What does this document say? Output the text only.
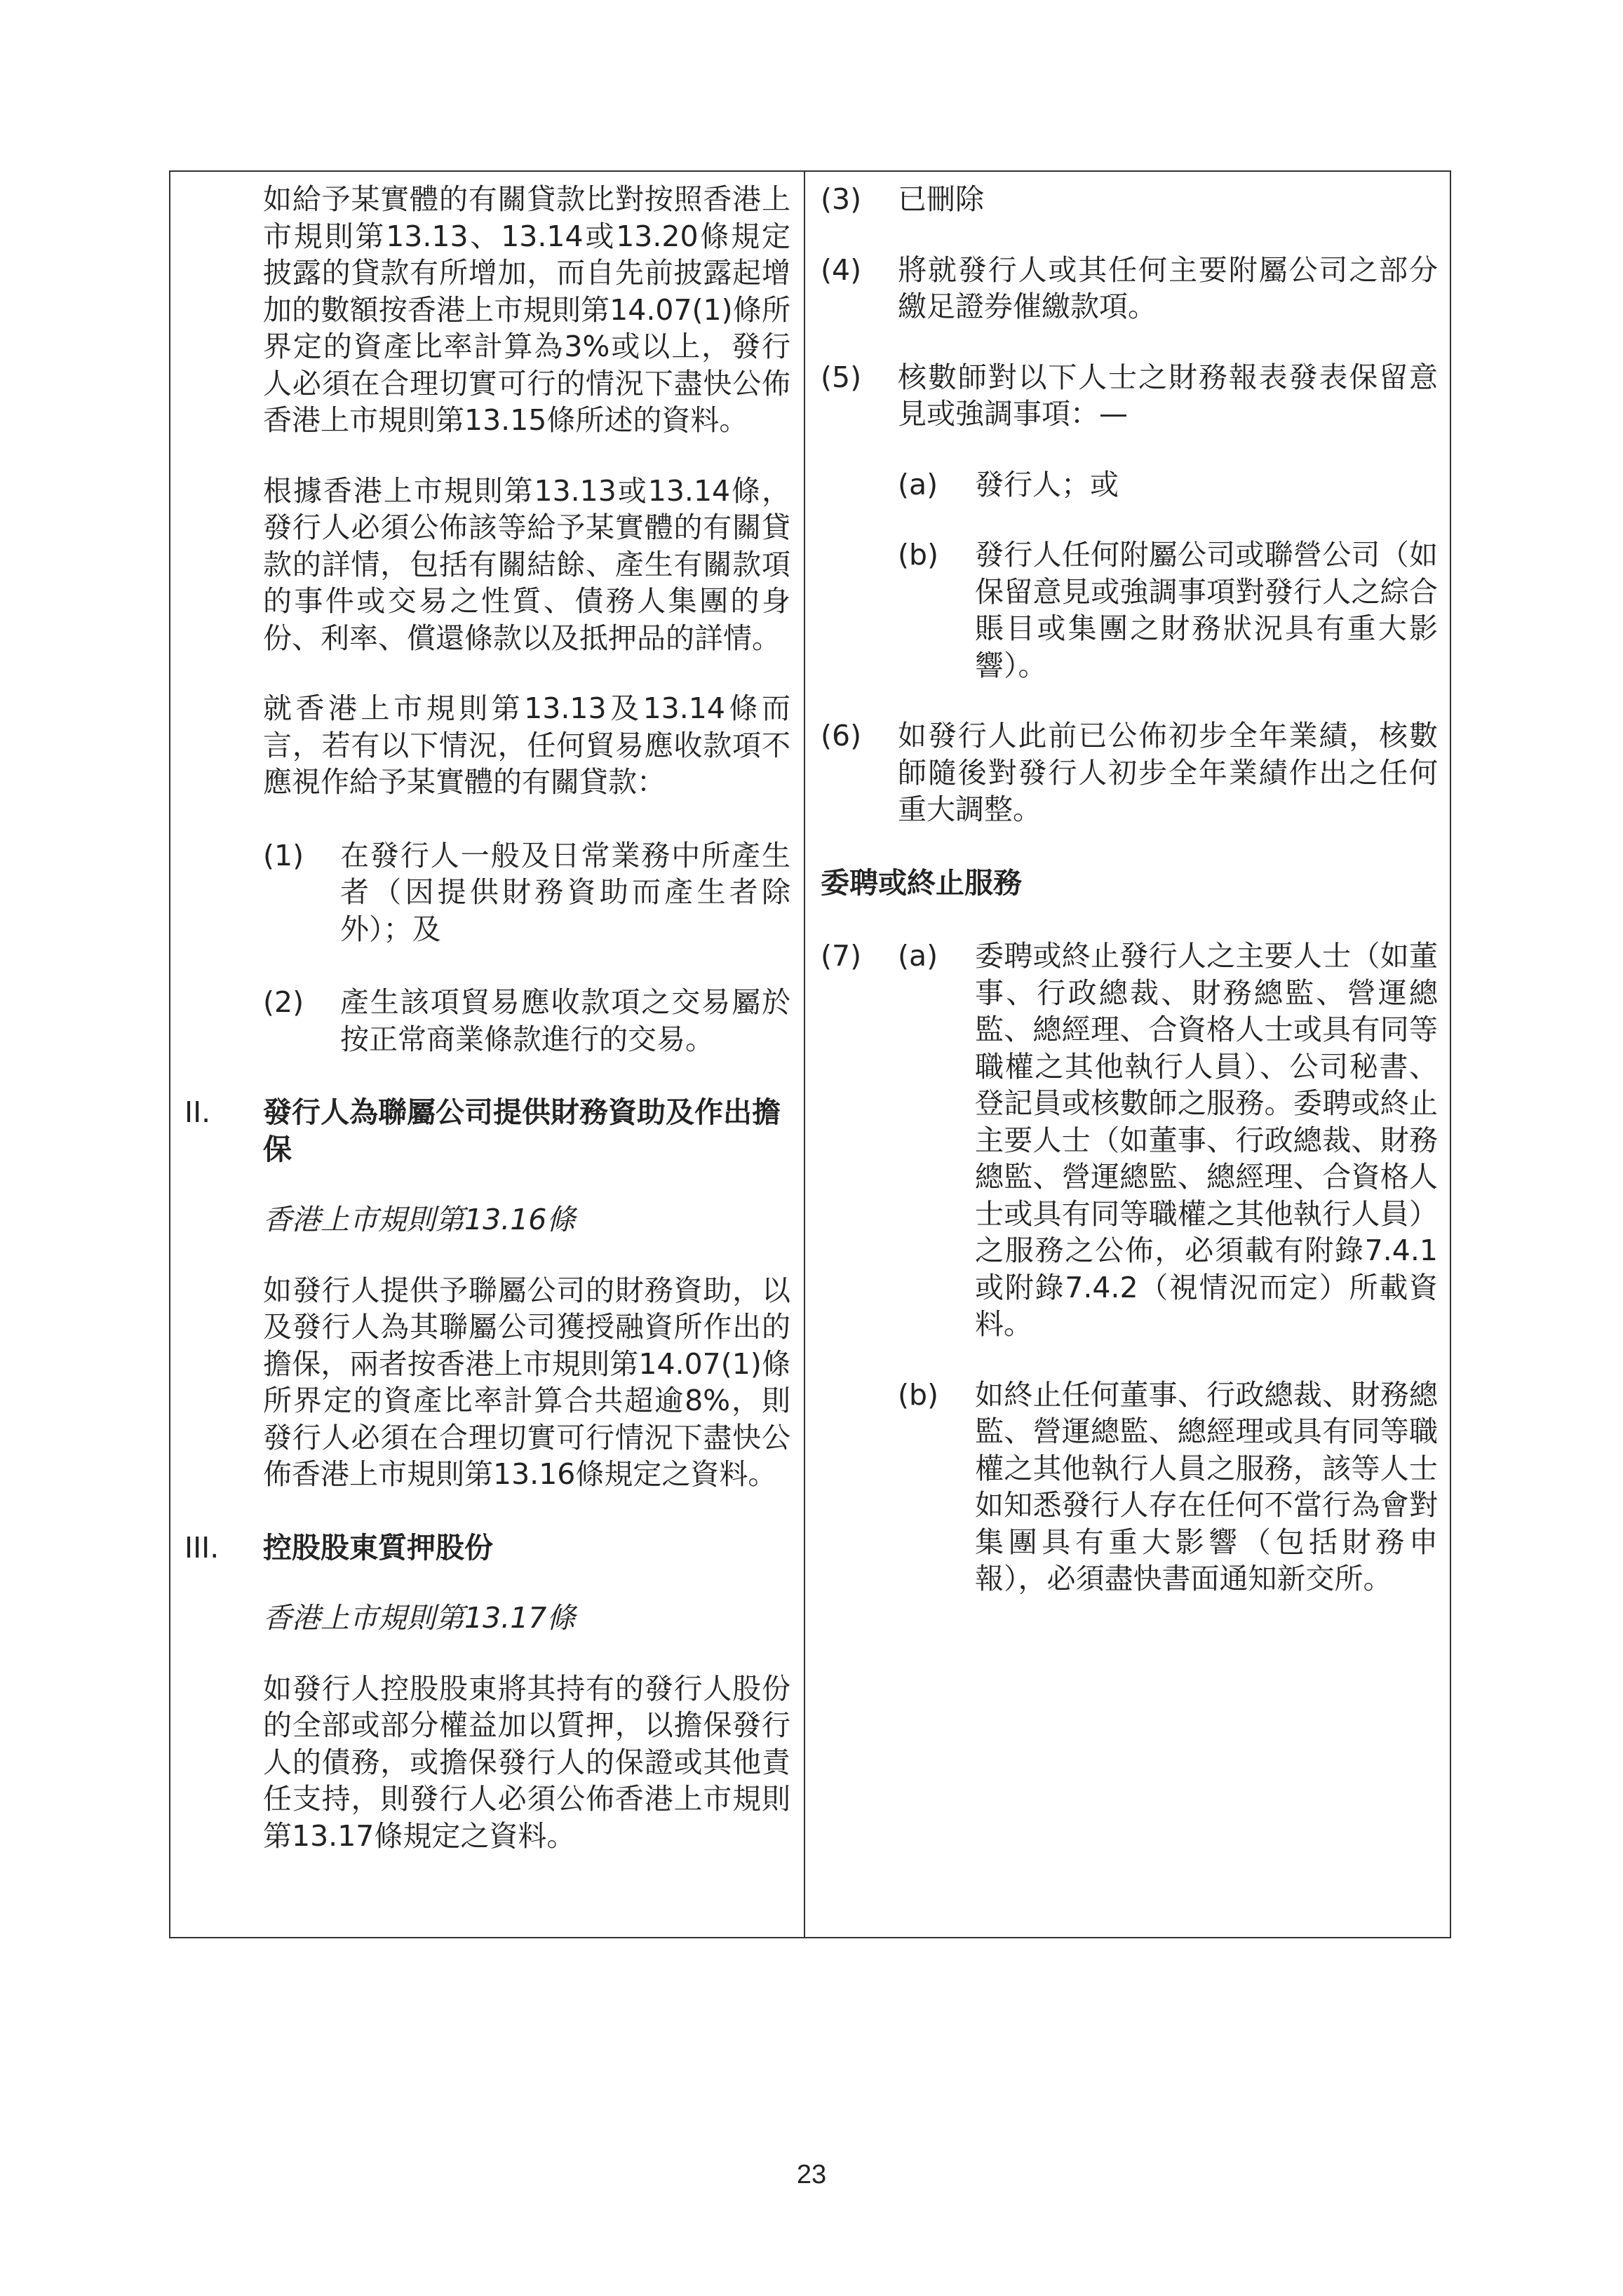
如給予某實體的有關貸款比對按照香港上市規則第13.13、13.14或13.20條規定披露的貸款有所增加，而自先前披露起增加的數額按香港上市規則第14.07(1)條所界定的資產比率計算為3%或以上，發行人必須在合理切實可行的情況下盡快公佈香港上市規則第13.15條所述的資料。

根據香港上市規則第13.13或13.14條，發行人必須公佈該等給予某實體的有關貸款的詳情，包括有關結餘、產生有關款項的事件或交易之性質、債務人集團的身份、利率、償還條款以及抵押品的詳情。

就香港上市規則第13.13及13.14條而言，若有以下情況，任何貿易應收款項不應視作給予某實體的有關貸款：

(1)	在發行人一般及日常業務中所產生者（因提供財務資助而產生者除外）；及
(2)	產生該項貿易應收款項之交易屬於按正常商業條款進行的交易。
II. 發行人為聯屬公司提供財務資助及作出擔保

香港上市規則第13.16條

如發行人提供予聯屬公司的財務資助，以及發行人為其聯屬公司獲授融資所作出的擔保，兩者按香港上市規則第14.07(1)條所界定的資產比率計算合共超逾8%，則發行人必須在合理切實可行情況下盡快公佈香港上市規則第13.16條規定之資料。

III. 控股股東質押股份

香港上市規則第13.17條

如發行人控股股東將其持有的發行人股份的全部或部分權益加以質押，以擔保發行人的債務，或擔保發行人的保證或其他責任支持，則發行人必須公佈香港上市規則第13.17條規定之資料。

(3)	已刪除
(4)	將就發行人或其任何主要附屬公司之部分繳足證券催繳款項。
(5)	核數師對以下人士之財務報表發表保留意見或強調事項：—

(a)	發行人；或
(b)	發行人任何附屬公司或聯營公司（如保留意見或強調事項對發行人之綜合賬目或集團之財務狀況具有重大影響）。
(6)	如發行人此前已公佈初步全年業績，核數師隨後對發行人初步全年業績作出之任何重大調整。

委聘或終止服務

(7)	(a)	委聘或終止發行人之主要人士（如董事、行政總裁、財務總監、營運總監、總經理、合資格人士或具有同等職權之其他執行人員）、公司秘書、登記員或核數師之服務。委聘或終止主要人士（如董事、行政總裁、財務總監、營運總監、總經理、合資格人士或具有同等職權之其他執行人員）之服務之公佈，必須載有附錄7.4.1或附錄7.4.2（視情況而定）所載資料。
(b)	如終止任何董事、行政總裁、財務總監、營運總監、總經理或具有同等職權之其他執行人員之服務，該等人士如知悉發行人存在任何不當行為會對集團具有重大影響（包括財務申報），必須盡快書面通知新交所。
23
